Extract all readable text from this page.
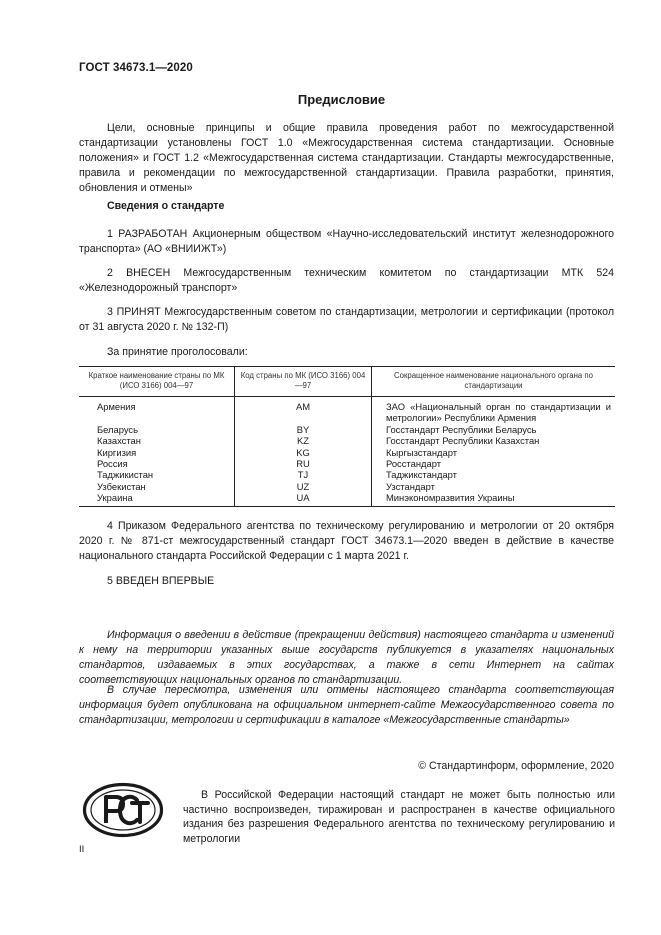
ГОСТ 34673.1—2020
Предисловие
Цели, основные принципы и общие правила проведения работ по межгосударственной стандартизации установлены ГОСТ 1.0 «Межгосударственная система стандартизации. Основные положения» и ГОСТ 1.2 «Межгосударственная система стандартизации. Стандарты межгосударственные, правила и рекомендации по межгосударственной стандартизации. Правила разработки, принятия, обновления и отмены»
Сведения о стандарте
1 РАЗРАБОТАН Акционерным обществом «Научно-исследовательский институт железнодорожного транспорта» (АО «ВНИИЖТ»)
2 ВНЕСЕН Межгосударственным техническим комитетом по стандартизации МТК 524 «Железнодорожный транспорт»
3 ПРИНЯТ Межгосударственным советом по стандартизации, метрологии и сертификации (протокол от 31 августа 2020 г. № 132-П)
За принятие проголосовали:
Краткое наименование страны по МК (ИСО 3166) 004—97	Код страны по МК (ИСО 3166) 004—97	Сокращенное наименование национального органа по стандартизации
Армения	AM	ЗАО «Национальный орган по стандартизации и метрологии» Республики Армения
Беларусь	BY	Госстандарт Республики Беларусь
Казахстан	KZ	Госстандарт Республики Казахстан
Киргизия	KG	Кыргызстандарт
Россия	RU	Росстандарт
Таджикистан	TJ	Таджикстандарт
Узбекистан	UZ	Узстандарт
Украина	UA	Минэкономразвития Украины
4 Приказом Федерального агентства по техническому регулированию и метрологии от 20 октября 2020 г. № 871-ст межгосударственный стандарт ГОСТ 34673.1—2020 введен в действие в качестве национального стандарта Российской Федерации с 1 марта 2021 г.
5 ВВЕДЕН ВПЕРВЫЕ
Информация о введении в действие (прекращении действия) настоящего стандарта и изменений к нему на территории указанных выше государств публикуется в указателях национальных стандартов, издаваемых в этих государствах, а также в сети Интернет на сайтах соответствующих национальных органов по стандартизации.
В случае пересмотра, изменения или отмены настоящего стандарта соответствующая информация будет опубликована на официальном интернет-сайте Межгосударственного совета по стандартизации, метрологии и сертификации в каталоге «Межгосударственные стандарты»
© Стандартинформ, оформление, 2020
В Российской Федерации настоящий стандарт не может быть полностью или частично воспроизведен, тиражирован и распространен в качестве официального издания без разрешения Федерального агентства по техническому регулированию и метрологии
II
